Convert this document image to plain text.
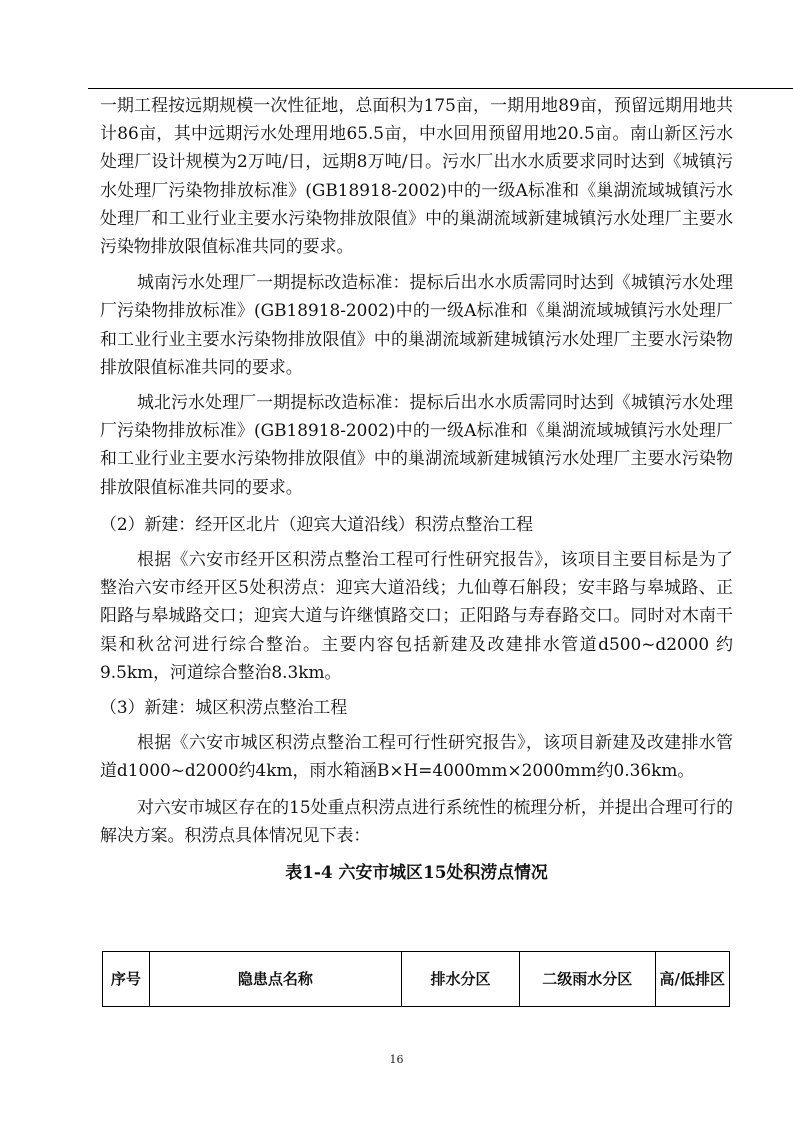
一期工程按远期规模一次性征地，总面积为175亩，一期用地89亩，预留远期用地共计86亩，其中远期污水处理用地65.5亩，中水回用预留用地20.5亩。南山新区污水处理厂设计规模为2万吨/日，远期8万吨/日。污水厂出水水质要求同时达到《城镇污水处理厂污染物排放标准》(GB18918-2002)中的一级A标准和《巢湖流域城镇污水处理厂和工业行业主要水污染物排放限值》中的巢湖流域新建城镇污水处理厂主要水污染物排放限值标准共同的要求。

城南污水处理厂一期提标改造标准：提标后出水水质需同时达到《城镇污水处理厂污染物排放标准》(GB18918-2002)中的一级A标准和《巢湖流域城镇污水处理厂和工业行业主要水污染物排放限值》中的巢湖流域新建城镇污水处理厂主要水污染物排放限值标准共同的要求。

城北污水处理厂一期提标改造标准：提标后出水水质需同时达到《城镇污水处理厂污染物排放标准》(GB18918-2002)中的一级A标准和《巢湖流域城镇污水处理厂和工业行业主要水污染物排放限值》中的巢湖流域新建城镇污水处理厂主要水污染物排放限值标准共同的要求。

（2）新建：经开区北片（迎宾大道沿线）积涝点整治工程

根据《六安市经开区积涝点整治工程可行性研究报告》，该项目主要目标是为了整治六安市经开区5处积涝点：迎宾大道沿线；九仙尊石斛段；安丰路与皋城路、正阳路与皋城路交口；迎宾大道与许继慎路交口；正阳路与寿春路交口。同时对木南干渠和秋岔河进行综合整治。主要内容包括新建及改建排水管道d500~d2000 约9.5km，河道综合整治8.3km。

（3）新建：城区积涝点整治工程

根据《六安市城区积涝点整治工程可行性研究报告》，该项目新建及改建排水管道d1000~d2000约4km，雨水箱涵B×H=4000mm×2000mm约0.36km。

对六安市城区存在的15处重点积涝点进行系统性的梳理分析，并提出合理可行的解决方案。积涝点具体情况见下表：

表1-4 六安市城区15处积涝点情况
序号	隐患点名称	排水分区	二级雨水分区	高/低排区
16
